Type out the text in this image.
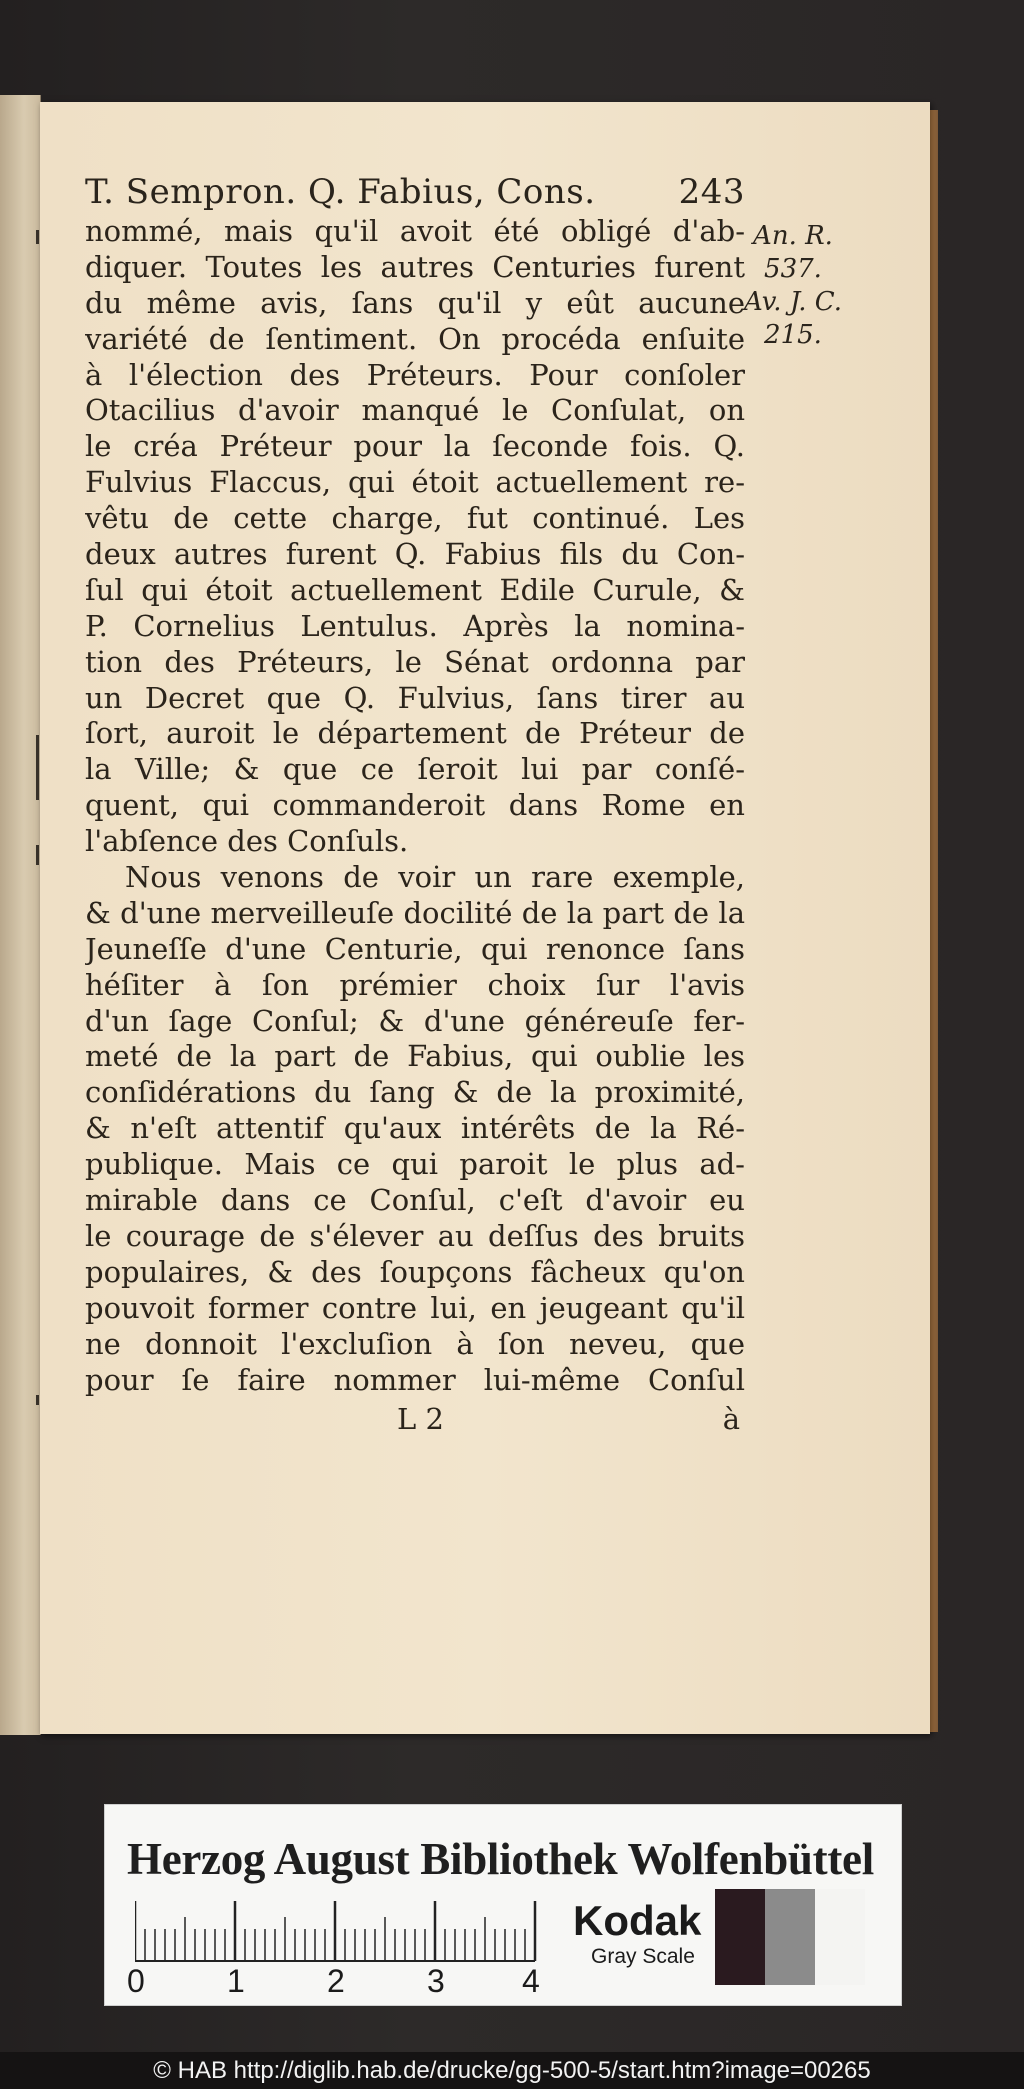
T. Sempron. Q. Fabius, Cons. 243
An. R.
537.
Av. J. C.
215.
nommé, mais qu'il avoit été obligé d'ab-
diquer. Toutes les autres Centuries furent
du même avis, ſans qu'il y eût aucune
variété de ſentiment. On procéda enſuite
à l'élection des Préteurs. Pour conſoler
Otacilius d'avoir manqué le Conſulat, on
le créa Préteur pour la ſeconde fois. Q.
Fulvius Flaccus, qui étoit actuellement re-
vêtu de cette charge, fut continué. Les
deux autres furent Q. Fabius fils du Con-
ſul qui étoit actuellement Edile Curule, &
P. Cornelius Lentulus. Après la nomina-
tion des Préteurs, le Sénat ordonna par
un Decret que Q. Fulvius, ſans tirer au
ſort, auroit le département de Préteur de
la Ville; & que ce ſeroit lui par conſé-
quent, qui commanderoit dans Rome en
l'abſence des Conſuls.
Nous venons de voir un rare exemple,
& d'une merveilleuſe docilité de la part de la
Jeuneſſe d'une Centurie, qui renonce ſans
héſiter à ſon prémier choix ſur l'avis
d'un ſage Conſul; & d'une généreuſe fer-
meté de la part de Fabius, qui oublie les
conſidérations du ſang & de la proximité,
& n'eſt attentif qu'aux intérêts de la Ré-
publique. Mais ce qui paroit le plus ad-
mirable dans ce Conſul, c'eſt d'avoir eu
le courage de s'élever au deſſus des bruits
populaires, & des ſoupçons fâcheux qu'on
pouvoit former contre lui, en jeugeant qu'il
ne donnoit l'excluſion à ſon neveu, que
pour ſe faire nommer lui-même Conſul
L 2	à
Herzog August Bibliothek Wolfenbüttel
0	1	2	3 4
Kodak
Gray Scale
© HAB http://diglib.hab.de/drucke/gg-500-5/start.htm?image=00265
